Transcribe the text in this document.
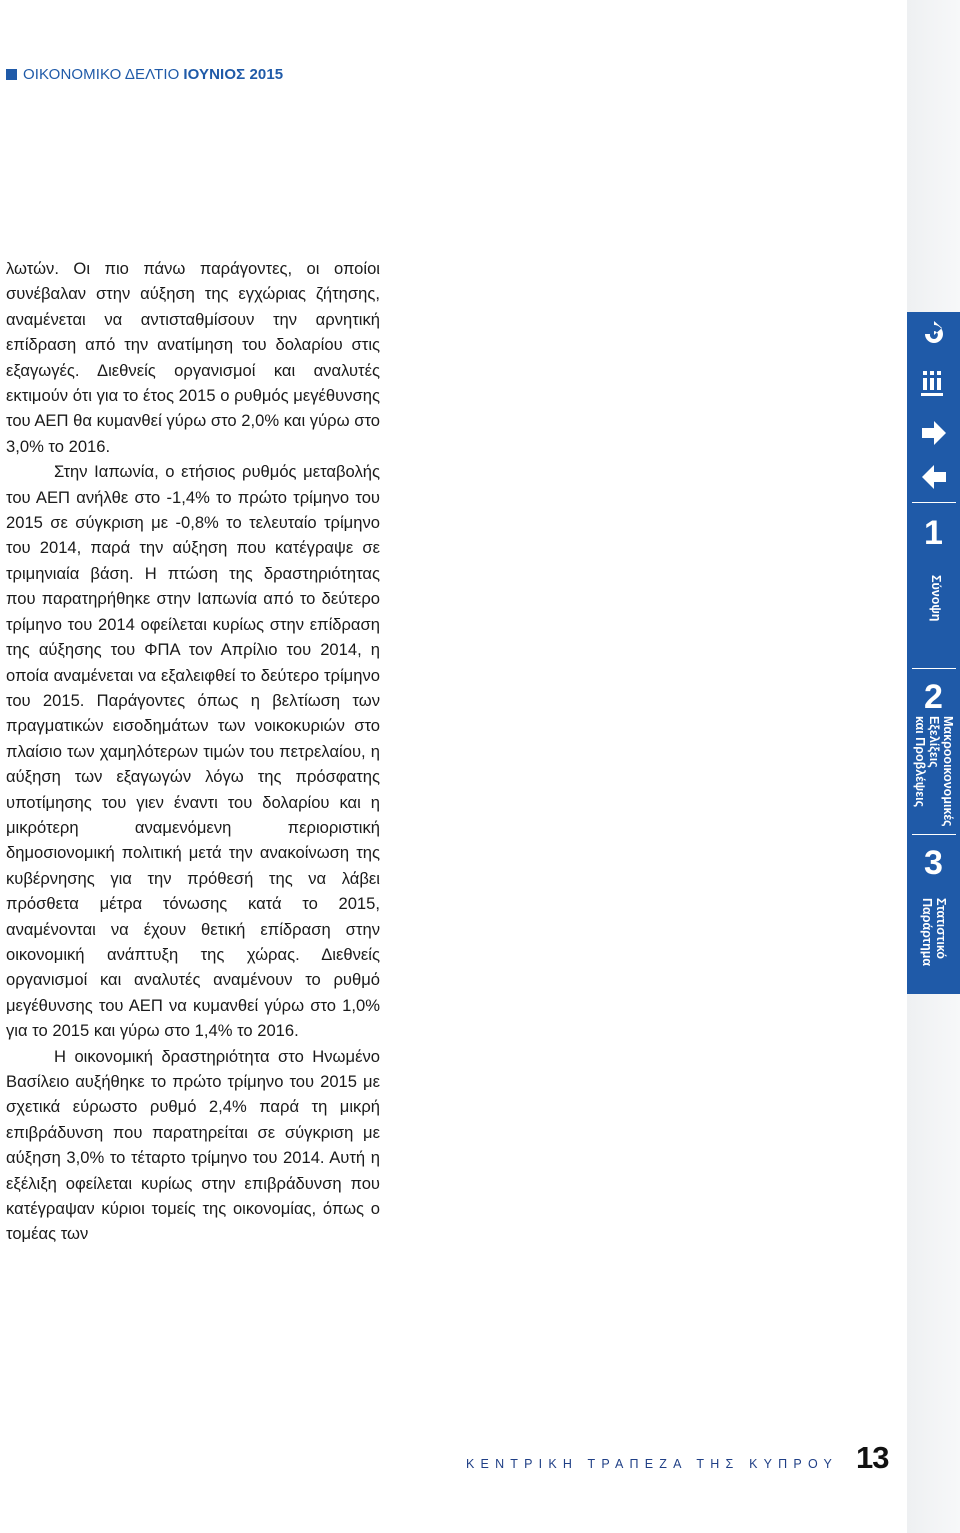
ΟΙΚΟΝΟΜΙΚΟ ΔΕΛΤΙΟ ΙΟΥΝΙΟΣ 2015

λωτών. Οι πιο πάνω παράγοντες, οι οποίοι συνέβαλαν στην αύξηση της εγχώριας ζήτησης, αναμένεται να αντισταθμίσουν την αρνητική επίδραση από την ανατίμηση του δολαρίου στις εξαγωγές. Διεθνείς οργανισμοί και αναλυτές εκτιμούν ότι για το έτος 2015 ο ρυθμός μεγέθυνσης του ΑΕΠ θα κυμανθεί γύρω στο 2,0% και γύρω στο 3,0% το 2016.

Στην Ιαπωνία, ο ετήσιος ρυθμός μεταβολής του ΑΕΠ ανήλθε στο -1,4% το πρώτο τρίμηνο του 2015 σε σύγκριση με -0,8% το τελευταίο τρίμηνο του 2014, παρά την αύξηση που κατέγραψε σε τριμηνιαία βάση. Η πτώση της δραστηριότητας που παρατηρήθηκε στην Ιαπωνία από το δεύτερο τρίμηνο του 2014 οφείλεται κυρίως στην επίδραση της αύξησης του ΦΠΑ τον Απρίλιο του 2014, η οποία αναμένεται να εξαλειφθεί το δεύτερο τρίμηνο του 2015. Παράγοντες όπως η βελτίωση των πραγματικών εισοδημάτων των νοικοκυριών στο πλαίσιο των χαμηλότερων τιμών του πετρελαίου, η αύξηση των εξαγωγών λόγω της πρόσφατης υποτίμησης του γιεν έναντι του δολαρίου και η μικρότερη αναμενόμενη περιοριστική δημοσιονομική πολιτική μετά την ανακοίνωση της κυβέρνησης για την πρόθεσή της να λάβει πρόσθετα μέτρα τόνωσης κατά το 2015, αναμένονται να έχουν θετική επίδραση στην οικονομική ανάπτυξη της χώρας. Διεθνείς οργανισμοί και αναλυτές αναμένουν το ρυθμό μεγέθυνσης του ΑΕΠ να κυμανθεί γύρω στο 1,0% για το 2015 και γύρω στο 1,4% το 2016.

Η οικονομική δραστηριότητα στο Ηνωμένο Βασίλειο αυξήθηκε το πρώτο τρίμηνο του 2015 με σχετικά εύρωστο ρυθμό 2,4% παρά τη μικρή επιβράδυνση που παρατηρείται σε σύγκριση με αύξηση 3,0% το τέταρτο τρίμηνο του 2014. Αυτή η εξέλιξη οφείλεται κυρίως στην επιβράδυνση που κατέγραψαν κύριοι τομείς της οικονομίας, όπως ο τομέας των

ΚΕΝΤΡΙΚΗ ΤΡΑΠΕΖΑ ΤΗΣ ΚΥΠΡΟΥ 13
1
Σύνοψη
2
Μακροοικονομικές
Εξελίξεις
και Προβλέψεις
3
Στατιστικό
Παράρτημα
